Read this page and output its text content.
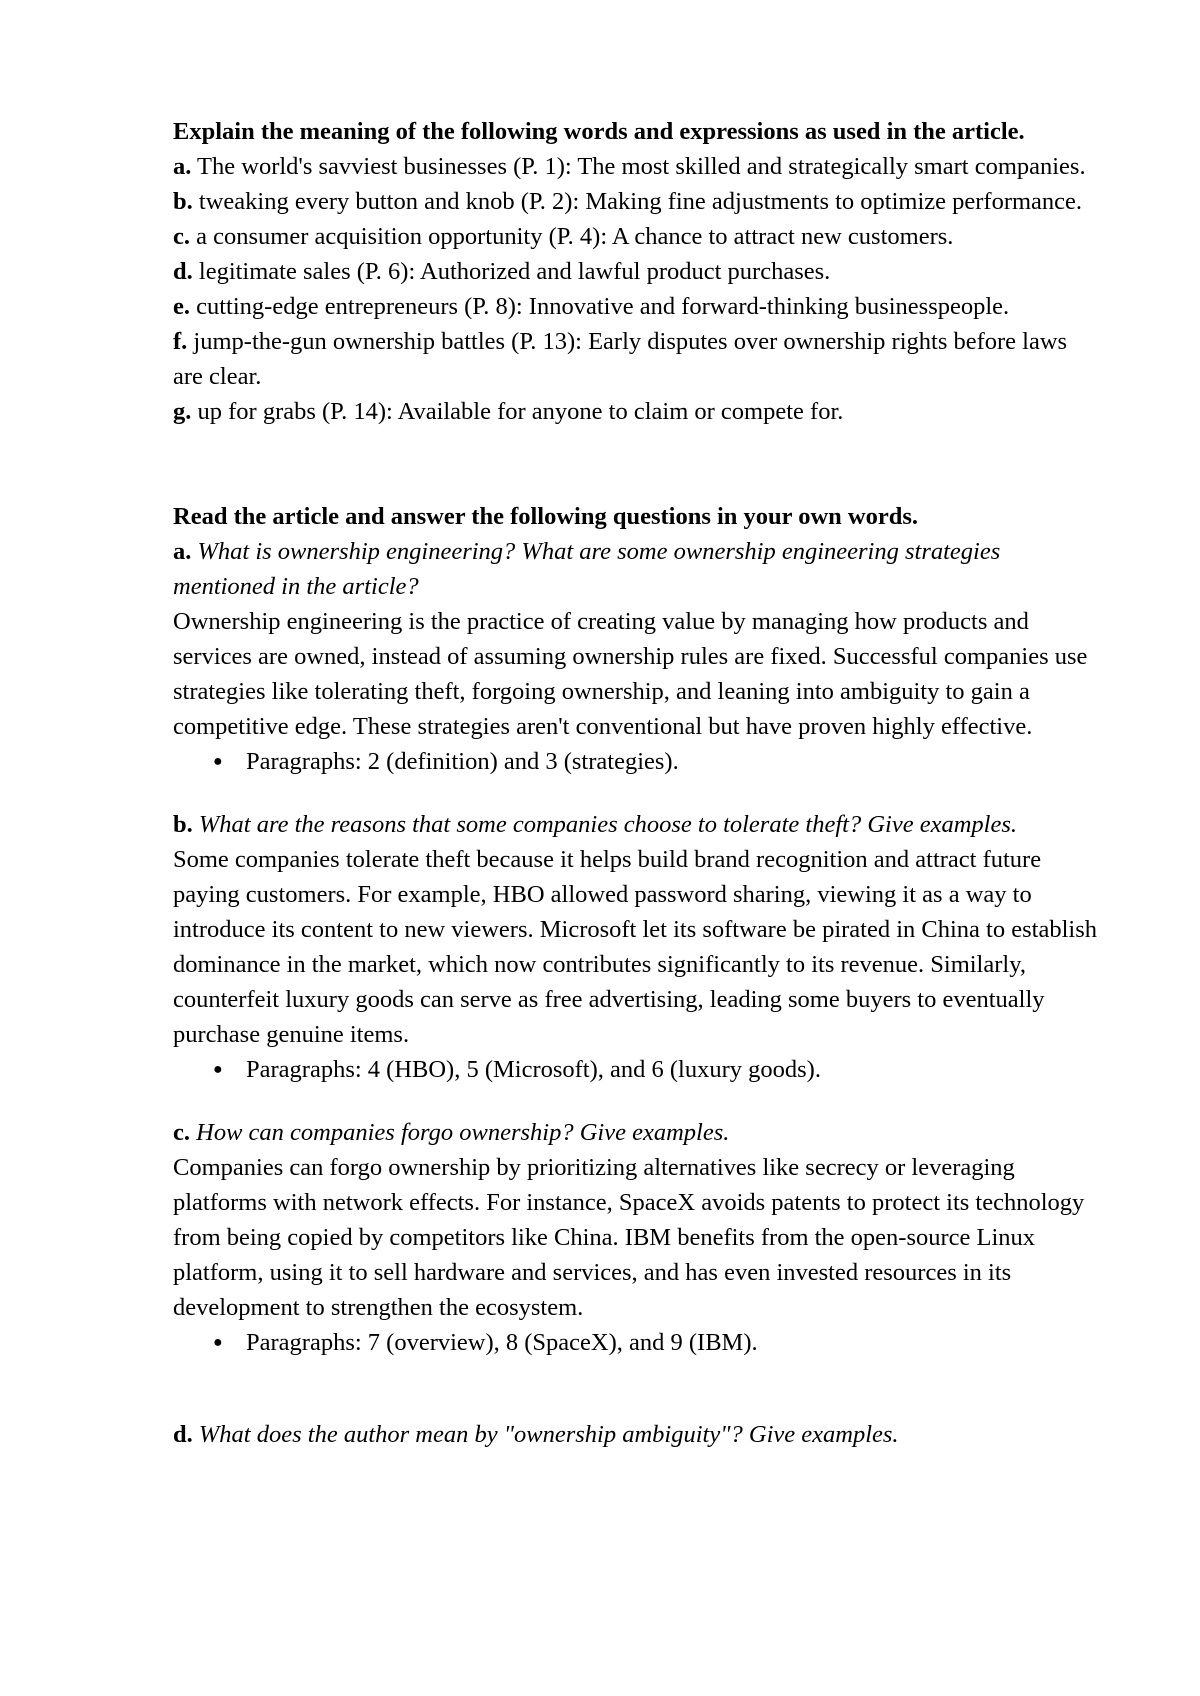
Explain the meaning of the following words and expressions as used in the article.

a. The world's savviest businesses (P. 1): The most skilled and strategically smart companies.

b. tweaking every button and knob (P. 2): Making fine adjustments to optimize performance.

c. a consumer acquisition opportunity (P. 4): A chance to attract new customers.

d. legitimate sales (P. 6): Authorized and lawful product purchases.

e. cutting-edge entrepreneurs (P. 8): Innovative and forward-thinking businesspeople.

f. jump-the-gun ownership battles (P. 13): Early disputes over ownership rights before laws are clear.

g. up for grabs (P. 14): Available for anyone to claim or compete for.

Read the article and answer the following questions in your own words.

a. What is ownership engineering? What are some ownership engineering strategies mentioned in the article?

Ownership engineering is the practice of creating value by managing how products and services are owned, instead of assuming ownership rules are fixed. Successful companies use strategies like tolerating theft, forgoing ownership, and leaning into ambiguity to gain a competitive edge. These strategies aren't conventional but have proven highly effective.

● Paragraphs: 2 (definition) and 3 (strategies).

b. What are the reasons that some companies choose to tolerate theft? Give examples.

Some companies tolerate theft because it helps build brand recognition and attract future paying customers. For example, HBO allowed password sharing, viewing it as a way to introduce its content to new viewers. Microsoft let its software be pirated in China to establish dominance in the market, which now contributes significantly to its revenue. Similarly, counterfeit luxury goods can serve as free advertising, leading some buyers to eventually purchase genuine items.

● Paragraphs: 4 (HBO), 5 (Microsoft), and 6 (luxury goods).

c. How can companies forgo ownership? Give examples.

Companies can forgo ownership by prioritizing alternatives like secrecy or leveraging platforms with network effects. For instance, SpaceX avoids patents to protect its technology from being copied by competitors like China. IBM benefits from the open-source Linux platform, using it to sell hardware and services, and has even invested resources in its development to strengthen the ecosystem.

● Paragraphs: 7 (overview), 8 (SpaceX), and 9 (IBM).

d. What does the author mean by "ownership ambiguity"? Give examples.
